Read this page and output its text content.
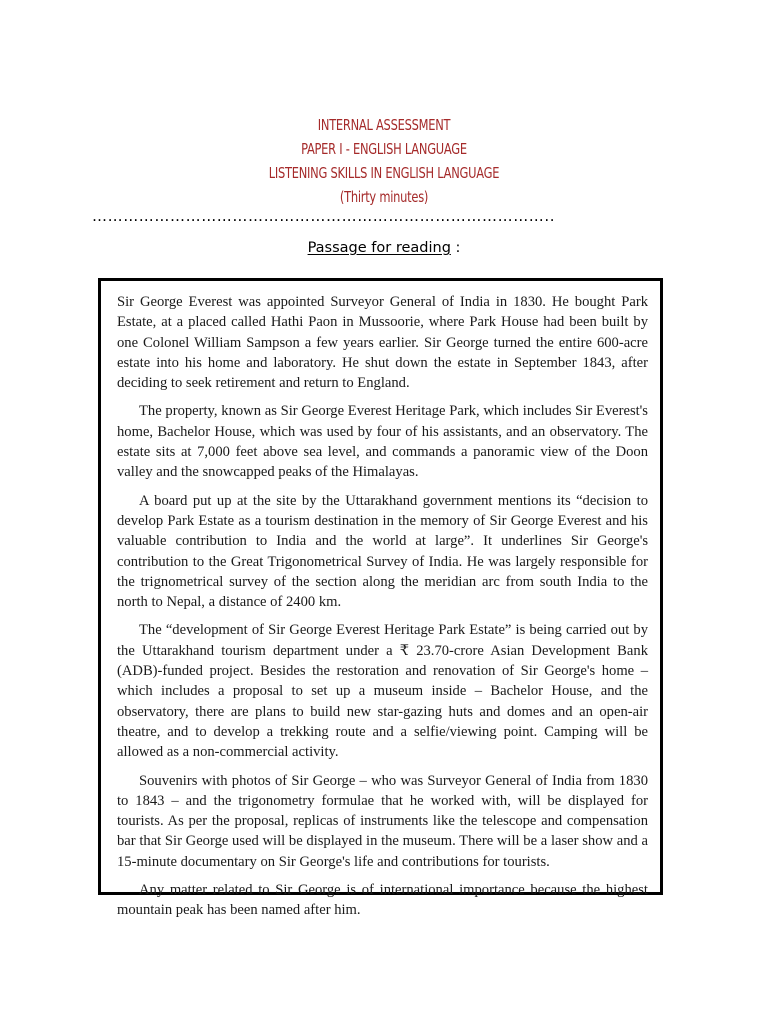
INTERNAL ASSESSMENT
PAPER I - ENGLISH LANGUAGE
LISTENING SKILLS IN ENGLISH LANGUAGE
(Thirty minutes)
……………………………………………………………………………..
Passage for reading :

Sir George Everest was appointed Surveyor General of India in 1830. He bought Park Estate, at a placed called Hathi Paon in Mussoorie, where Park House had been built by one Colonel William Sampson a few years earlier. Sir George turned the entire 600-acre estate into his home and laboratory. He shut down the estate in September 1843, after deciding to seek retirement and return to England.

The property, known as Sir George Everest Heritage Park, which includes Sir Everest's home, Bachelor House, which was used by four of his assistants, and an observatory. The estate sits at 7,000 feet above sea level, and commands a panoramic view of the Doon valley and the snowcapped peaks of the Himalayas.

A board put up at the site by the Uttarakhand government mentions its “decision to develop Park Estate as a tourism destination in the memory of Sir George Everest and his valuable contribution to India and the world at large”. It underlines Sir George's contribution to the Great Trigonometrical Survey of India. He was largely responsible for the trignometrical survey of the section along the meridian arc from south India to the north to Nepal, a distance of 2400 km.

The “development of Sir George Everest Heritage Park Estate” is being carried out by the Uttarakhand tourism department under a ₹ 23.70-crore Asian Development Bank (ADB)-funded project. Besides the restoration and renovation of Sir George's home – which includes a proposal to set up a museum inside – Bachelor House, and the observatory, there are plans to build new star-gazing huts and domes and an open-air theatre, and to develop a trekking route and a selfie/viewing point. Camping will be allowed as a non-commercial activity.

Souvenirs with photos of Sir George – who was Surveyor General of India from 1830 to 1843 – and the trigonometry formulae that he worked with, will be displayed for tourists. As per the proposal, replicas of instruments like the telescope and compensation bar that Sir George used will be displayed in the museum. There will be a laser show and a 15-minute documentary on Sir George's life and contributions for tourists.

Any matter related to Sir George is of international importance because the highest mountain peak has been named after him.
